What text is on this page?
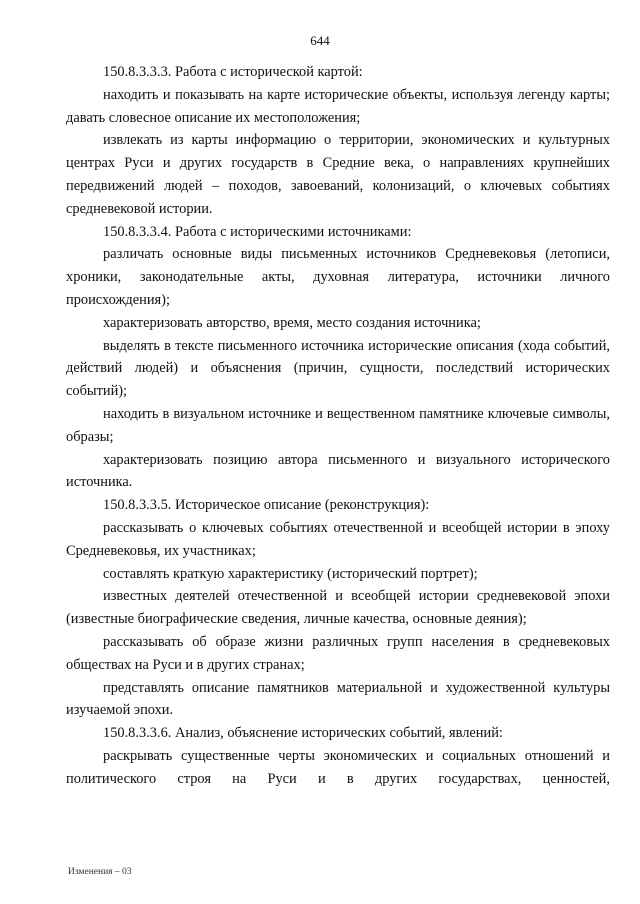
644

150.8.3.3.3. Работа с исторической картой:

находить и показывать на карте исторические объекты, используя легенду карты; давать словесное описание их местоположения;

извлекать из карты информацию о территории, экономических и культурных центрах Руси и других государств в Средние века, о направлениях крупнейших передвижений людей – походов, завоеваний, колонизаций, о ключевых событиях средневековой истории.

150.8.3.3.4. Работа с историческими источниками:

различать основные виды письменных источников Средневековья (летописи, хроники, законодательные акты, духовная литература, источники личного происхождения);

характеризовать авторство, время, место создания источника;

выделять в тексте письменного источника исторические описания (хода событий, действий людей) и объяснения (причин, сущности, последствий исторических событий);

находить в визуальном источнике и вещественном памятнике ключевые символы, образы;

характеризовать позицию автора письменного и визуального исторического источника.

150.8.3.3.5. Историческое описание (реконструкция):

рассказывать о ключевых событиях отечественной и всеобщей истории в эпоху Средневековья, их участниках;

составлять краткую характеристику (исторический портрет);

известных деятелей отечественной и всеобщей истории средневековой эпохи (известные биографические сведения, личные качества, основные деяния);

рассказывать об образе жизни различных групп населения в средневековых обществах на Руси и в других странах;

представлять описание памятников материальной и художественной культуры изучаемой эпохи.

150.8.3.3.6. Анализ, объяснение исторических событий, явлений:

раскрывать существенные черты экономических и социальных отношений и политического строя на Руси и в других государствах, ценностей,

Изменения – 03
